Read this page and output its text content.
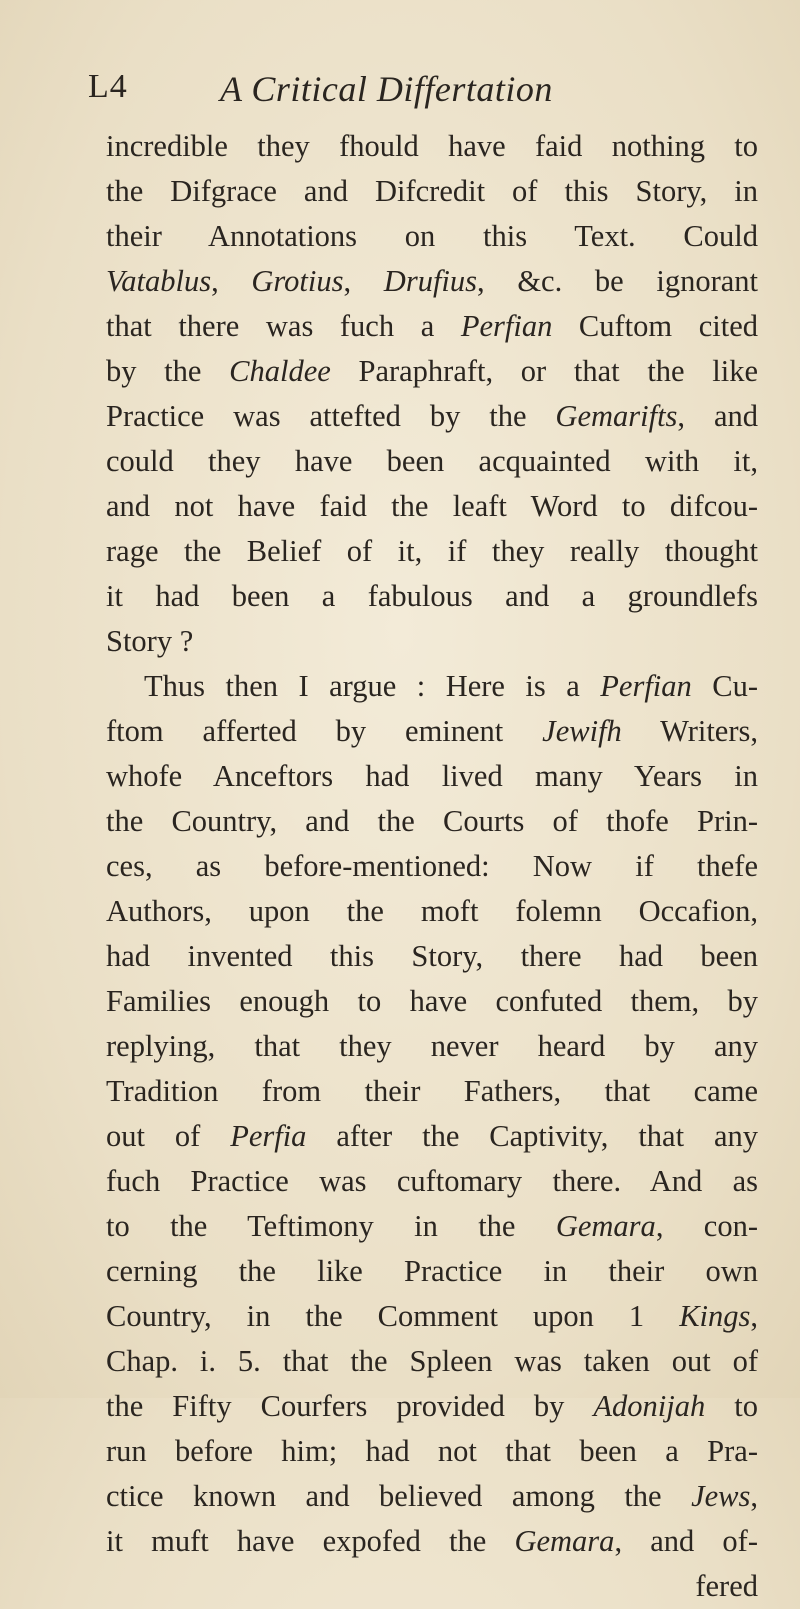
L4	A Critical Differtation
incredible they fhould have faid nothing to
the Difgrace and Difcredit of this Story, in
their Annotations on this Text. Could
Vatablus, Grotius, Drufius, &c. be ignorant
that there was fuch a Perfian Cuftom cited
by the Chaldee Paraphraft, or that the like
Practice was attefted by the Gemarifts, and
could they have been acquainted with it,
and not have faid the leaft Word to difcou-
rage the Belief of it, if they really thought
it had been a fabulous and a groundlefs
Story ?
Thus then I argue : Here is a Perfian Cu-
ftom afferted by eminent Jewifh Writers,
whofe Anceftors had lived many Years in
the Country, and the Courts of thofe Prin-
ces, as before-mentioned: Now if thefe
Authors, upon the moft folemn Occafion,
had invented this Story, there had been
Families enough to have confuted them, by
replying, that they never heard by any
Tradition from their Fathers, that came
out of Perfia after the Captivity, that any
fuch Practice was cuftomary there. And as
to the Teftimony in the Gemara, con-
cerning the like Practice in their own
Country, in the Comment upon 1 Kings,
Chap. i. 5. that the Spleen was taken out of
the Fifty Courfers provided by Adonijah to
run before him; had not that been a Pra-
ctice known and believed among the Jews,
it muft have expofed the Gemara, and of-
fered
